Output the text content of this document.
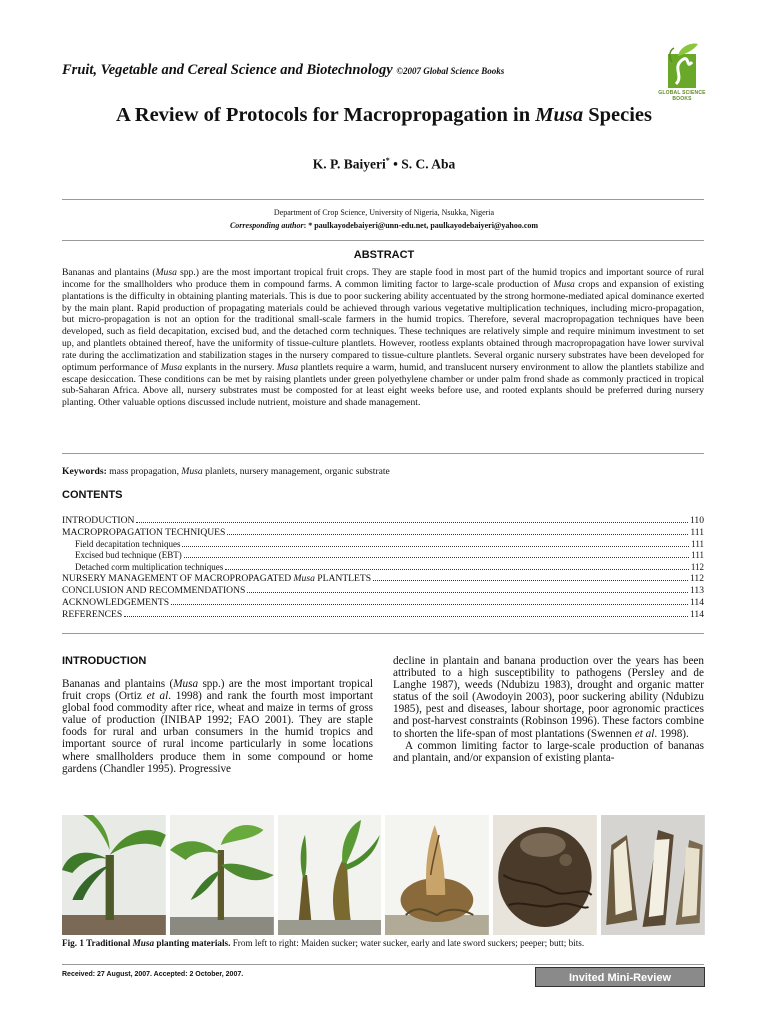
Fruit, Vegetable and Cereal Science and Biotechnology ©2007 Global Science Books
GLOBAL SCIENCE
BOOKS
A Review of Protocols for Macropropagation in Musa Species
K. P. Baiyeri* • S. C. Aba
Department of Crop Science, University of Nigeria, Nsukka, Nigeria
Corresponding author: * paulkayodebaiyeri@unn-edu.net, paulkayodebaiyeri@yahoo.com
ABSTRACT
Bananas and plantains (Musa spp.) are the most important tropical fruit crops. They are staple food in most part of the humid tropics and important source of rural income for the smallholders who produce them in compound farms. A common limiting factor to large-scale production of Musa crops and expansion of existing plantations is the difficulty in obtaining planting materials. This is due to poor suckering ability accentuated by the strong hormone-mediated apical dominance exerted by the main plant. Rapid production of propagating materials could be achieved through various vegetative multiplication techniques, including micro-propagation, but micro-propagation is not an option for the traditional small-scale farmers in the humid tropics. Therefore, several macropropagation techniques have been developed, such as field decapitation, excised bud, and the detached corm techniques. These techniques are relatively simple and require minimum investment to set up, and plantlets obtained thereof, have the uniformity of tissue-culture plantlets. However, rootless explants obtained through macropropagation have lower survival rate during the acclimatization and stabilization stages in the nursery compared to tissue-culture plantlets. Several organic nursery substrates have been developed for optimum performance of Musa explants in the nursery. Musa plantlets require a warm, humid, and translucent nursery environment to allow the plantlets stabilize and escape desiccation. These conditions can be met by raising plantlets under green polyethylene chamber or under palm frond shade as commonly practiced in tropical sub-Saharan Africa. Above all, nursery substrates must be composted for at least eight weeks before use, and rooted explants should be preferred during nursery planting. Other valuable options discussed include nutrient, moisture and shade management.
Keywords: mass propagation, Musa planlets, nursery management, organic substrate
CONTENTS
INTRODUCTION	110
MACROPROPAGATION TECHNIQUES	111
Field decapitation techniques	111
Excised bud technique (EBT)	111
Detached corm multiplication techniques	112
NURSERY MANAGEMENT OF MACROPROPAGATED Musa PLANTLETS	112
CONCLUSION AND RECOMMENDATIONS	113
ACKNOWLEDGEMENTS	114
REFERENCES	114
INTRODUCTION
Bananas and plantains (Musa spp.) are the most important tropical fruit crops (Ortiz et al. 1998) and rank the fourth most important global food commodity after rice, wheat and maize in terms of gross value of production (INIBAP 1992; FAO 2001). They are staple foods for rural and urban consumers in the humid tropics and important source of rural income particularly in some locations where smallholders produce them in some compound or home gardens (Chandler 1995). Progressive
decline in plantain and banana production over the years has been attributed to a high susceptibility to pathogens (Persley and de Langhe 1987), weeds (Ndubizu 1983), drought and organic matter status of the soil (Awodoyin 2003), poor suckering ability (Ndubizu 1985), pest and diseases, labour shortage, poor agronomic practices and post-harvest constraints (Robinson 1996). These factors combine to shorten the life-span of most plantations (Swennen et al. 1998).
A common limiting factor to large-scale production of bananas and plantain, and/or expansion of existing planta-
Fig. 1 Traditional Musa planting materials. From left to right: Maiden sucker; water sucker, early and late sword suckers; peeper; butt; bits.
Received: 27 August, 2007. Accepted: 2 October, 2007.	Invited Mini-Review
